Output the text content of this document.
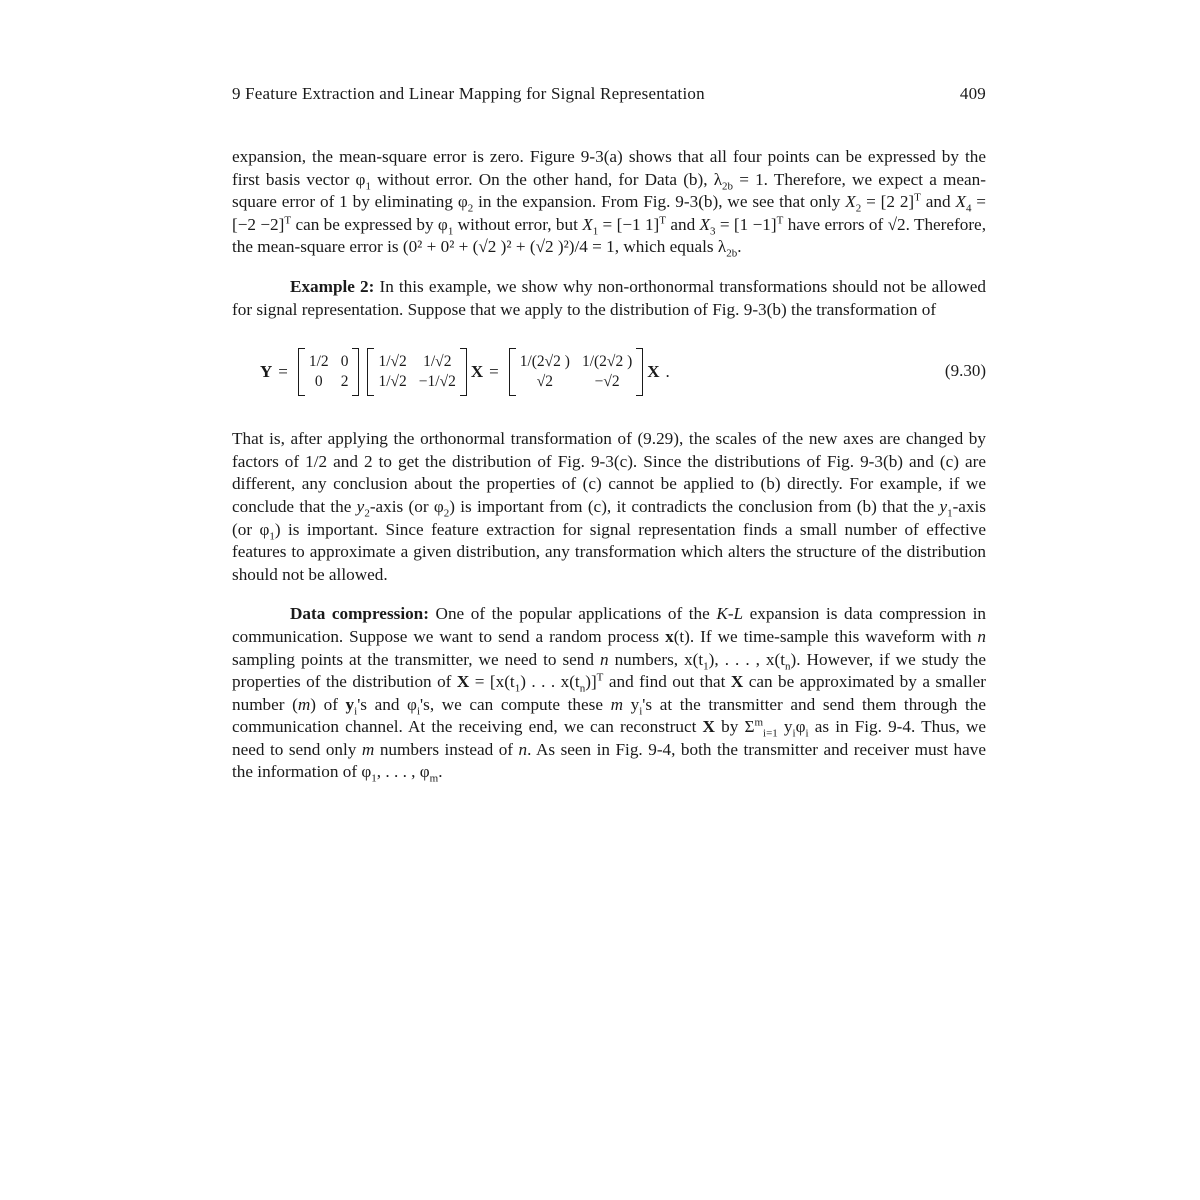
9 Feature Extraction and Linear Mapping for Signal Representation	409

expansion, the mean-square error is zero. Figure 9-3(a) shows that all four points can be expressed by the first basis vector $\varphi_1$ without error. On the other hand, for Data (b), $\lambda_{2b} = 1$. Therefore, we expect a mean-square error of 1 by eliminating $\varphi_2$ in the expansion. From Fig. 9-3(b), we see that only $X_2 = [2$ 2]$^T$ and $X_4 = [-2 -2]^T$ can be expressed by $\varphi_1$ without error, but $X_1 = [-1$ 1]$^T$ and $X_3 = [1 -1]^T$ have errors of √2. Therefore, the mean-square error is (0² + 0² + (√2 )² + (√2 )²)/4 = 1, which equals $\lambda_{2b}$.

Example 2: In this example, we show why non-orthonormal transformations should not be allowed for signal representation. Suppose that we apply to the distribution of Fig. 9-3(b) the transformation of

Y =
1/2 0
0 2
1/√2 1/√2
1/√2 −1/√2
X =
1/(2√2 ) 1/(2√2 )
√2	−√2
X .	(9.30)

That is, after applying the orthonormal transformation of (9.29), the scales of the new axes are changed by factors of 1/2 and 2 to get the distribution of Fig. 9-3(c). Since the distributions of Fig. 9-3(b) and (c) are different, any conclusion about the properties of (c) cannot be applied to (b) directly. For example, if we conclude that the $y_2$-axis (or $\varphi_2$) is important from (c), it contradicts the conclusion from (b) that the $y_1$-axis (or $\varphi_1$) is important. Since feature extraction for signal representation finds a small number of effective features to approximate a given distribution, any transformation which alters the structure of the distribution should not be allowed.

Data compression: One of the popular applications of the K-L expansion is data compression in communication. Suppose we want to send a random process x(t). If we time-sample this waveform with n sampling points at the transmitter, we need to send n numbers, $x(t_1)$, . . . , $x(t_n)$. However, if we study the properties of the distribution of $X = [x(t_1)$ . . . $x(t_n)]^T$ and find out that X can be approximated by a smaller number (m) of $y_i's$ and $\varphi_i's$, we can compute these m $y_i's$ at the transmitter and send them through the communication channel. At the receiving end, we can reconstruct X by $\Sigma^m_{i=1}$ $y_i\varphi_i$ as in Fig. 9-4. Thus, we need to send only m numbers instead of n. As seen in Fig. 9-4, both the transmitter and receiver must have the information of $\varphi_1$, . . . , $\varphi_m$.
